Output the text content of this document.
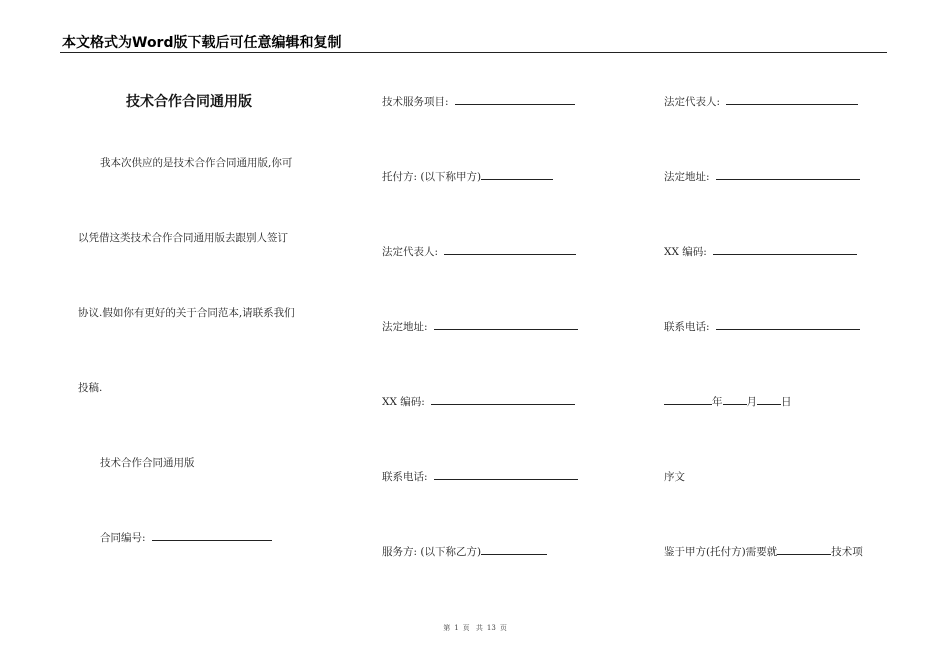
本文格式为Word版下载后可任意编辑和复制
技术合作合同通用版
我本次供应的是技术合作合同通用版,你可
以凭借这类技术合作合同通用版去跟别人签订
协议.假如你有更好的关于合同范本,请联系我们
投稿.
技术合作合同通用版
合同编号:
技术服务项目:
托付方: (以下称甲方)
法定代表人:
法定地址:
XX 编码:
联系电话:
服务方: (以下称乙方)
法定代表人:
法定地址:
XX 编码:
联系电话:
年 月 日
序文
鉴于甲方(托付方)需要就	技术项
第 1 页 共 13 页
